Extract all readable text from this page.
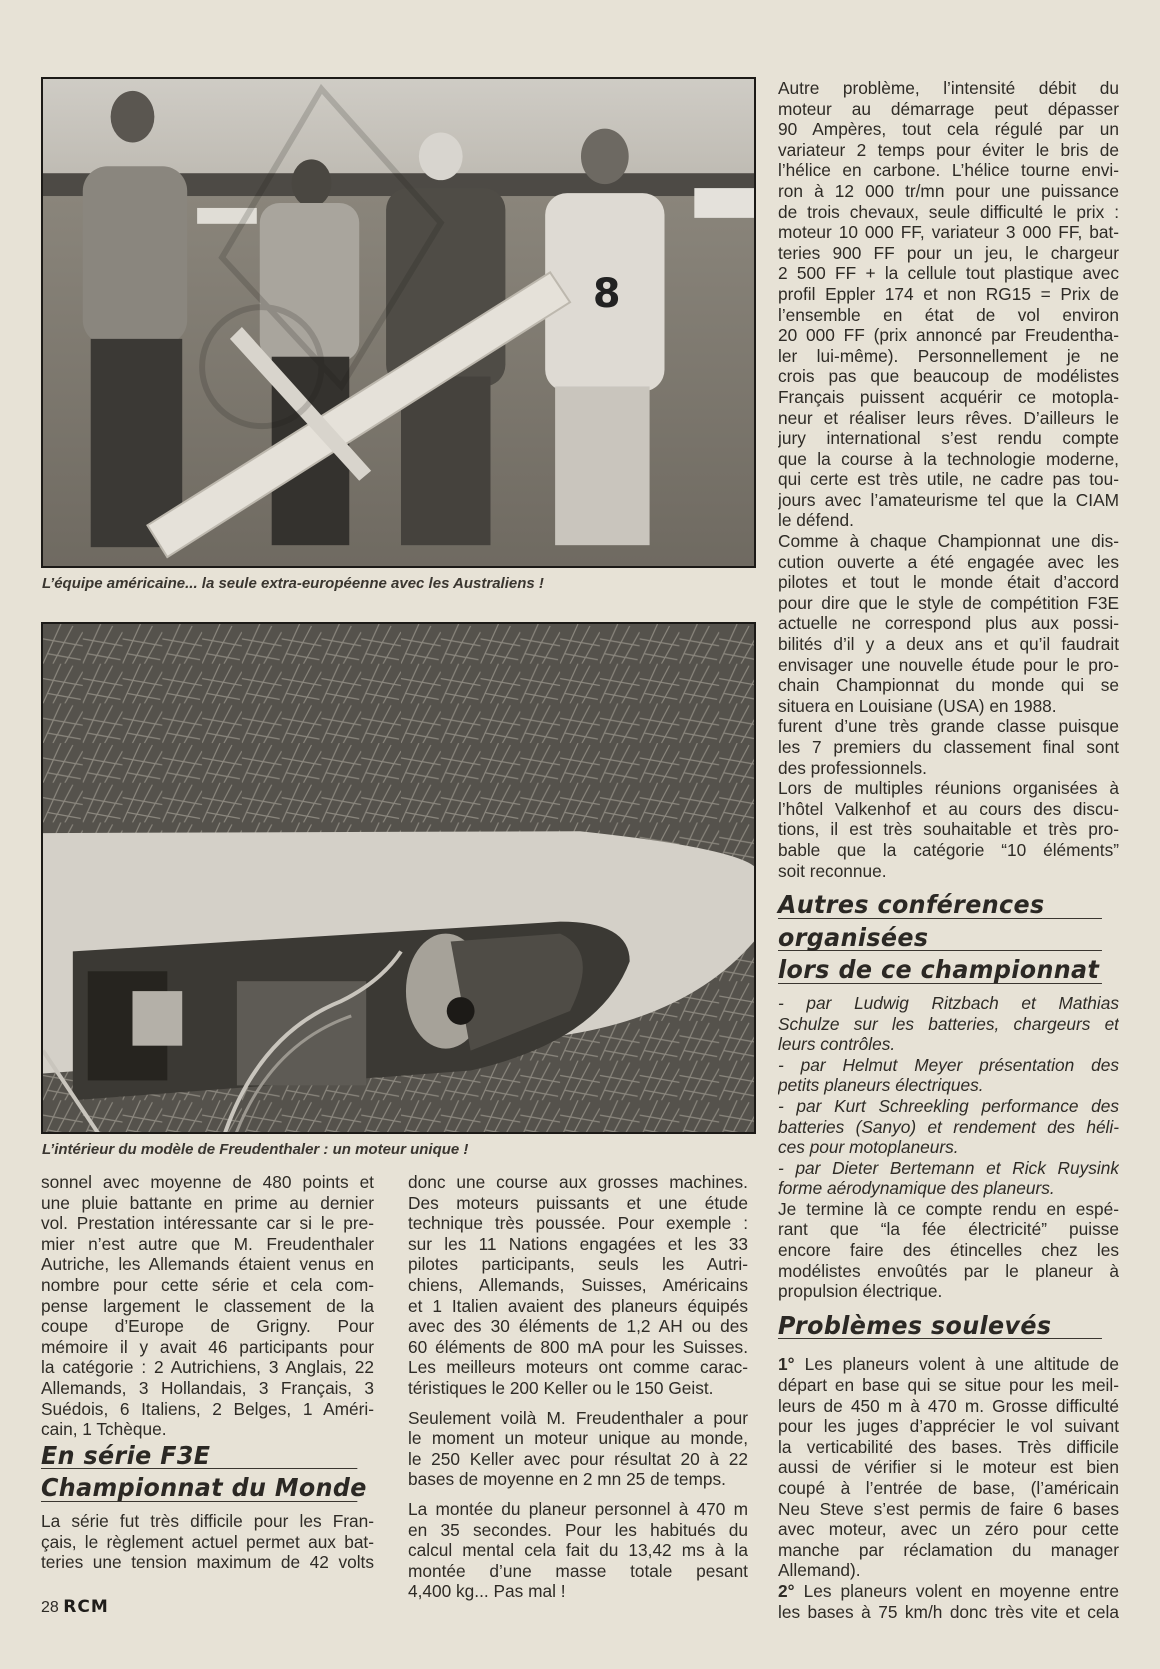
8
L’équipe américaine... la seule extra-européenne avec les Australiens !
L’intérieur du modèle de Freudenthaler : un moteur unique !
sonnel avec moyenne de 480 points et
une pluie battante en prime au dernier
vol. Prestation intéressante car si le pre-
mier n’est autre que M. Freudenthaler
Autriche, les Allemands étaient venus en
nombre pour cette série et cela com-
pense largement le classement de la
coupe d’Europe de Grigny. Pour
mémoire il y avait 46 participants pour
la catégorie : 2 Autrichiens, 3 Anglais, 22
Allemands, 3 Hollandais, 3 Français, 3
Suédois, 6 Italiens, 2 Belges, 1 Améri-
cain, 1 Tchèque.
En série F3E
Championnat du Monde
La série fut très difficile pour les Fran-
çais, le règlement actuel permet aux bat-
teries une tension maximum de 42 volts
donc une course aux grosses machines.
Des moteurs puissants et une étude
technique très poussée. Pour exemple :
sur les 11 Nations engagées et les 33
pilotes participants, seuls les Autri-
chiens, Allemands, Suisses, Américains
et 1 Italien avaient des planeurs équipés
avec des 30 éléments de 1,2 AH ou des
60 éléments de 800 mA pour les Suisses.
Les meilleurs moteurs ont comme carac-
téristiques le 200 Keller ou le 150 Geist.
Seulement voilà M. Freudenthaler a pour
le moment un moteur unique au monde,
le 250 Keller avec pour résultat 20 à 22
bases de moyenne en 2 mn 25 de temps.
La montée du planeur personnel à 470 m
en 35 secondes. Pour les habitués du
calcul mental cela fait du 13,42 ms à la
montée d’une masse totale pesant
4,400 kg... Pas mal !
Autre problème, l’intensité débit du
moteur au démarrage peut dépasser
90 Ampères, tout cela régulé par un
variateur 2 temps pour éviter le bris de
l’hélice en carbone. L’hélice tourne envi-
ron à 12 000 tr/mn pour une puissance
de trois chevaux, seule difficulté le prix :
moteur 10 000 FF, variateur 3 000 FF, bat-
teries 900 FF pour un jeu, le chargeur
2 500 FF + la cellule tout plastique avec
profil Eppler 174 et non RG15 = Prix de
l’ensemble en état de vol environ
20 000 FF (prix annoncé par Freudentha-
ler lui-même). Personnellement je ne
crois pas que beaucoup de modélistes
Français puissent acquérir ce motopla-
neur et réaliser leurs rêves. D’ailleurs le
jury international s’est rendu compte
que la course à la technologie moderne,
qui certe est très utile, ne cadre pas tou-
jours avec l’amateurisme tel que la CIAM
le défend.
Comme à chaque Championnat une dis-
cution ouverte a été engagée avec les
pilotes et tout le monde était d’accord
pour dire que le style de compétition F3E
actuelle ne correspond plus aux possi-
bilités d’il y a deux ans et qu’il faudrait
envisager une nouvelle étude pour le pro-
chain Championnat du monde qui se
situera en Louisiane (USA) en 1988.
furent d’une très grande classe puisque
les 7 premiers du classement final sont
des professionnels.
Lors de multiples réunions organisées à
l’hôtel Valkenhof et au cours des discu-
tions, il est très souhaitable et très pro-
bable que la catégorie “10 éléments”
soit reconnue.
Autres conférences
organisées
lors de ce championnat
- par Ludwig Ritzbach et Mathias
Schulze sur les batteries, chargeurs et
leurs contrôles.
- par Helmut Meyer présentation des
petits planeurs électriques.
- par Kurt Schreekling performance des
batteries (Sanyo) et rendement des héli-
ces pour motoplaneurs.
- par Dieter Bertemann et Rick Ruysink
forme aérodynamique des planeurs.
Je termine là ce compte rendu en espé-
rant que “la fée électricité” puisse
encore faire des étincelles chez les
modélistes envoûtés par le planeur à
propulsion électrique.
Problèmes soulevés
1° Les planeurs volent à une altitude de
départ en base qui se situe pour les meil-
leurs de 450 m à 470 m. Grosse difficulté
pour les juges d’apprécier le vol suivant
la verticabilité des bases. Très difficile
aussi de vérifier si le moteur est bien
coupé à l’entrée de base, (l’américain
Neu Steve s’est permis de faire 6 bases
avec moteur, avec un zéro pour cette
manche par réclamation du manager
Allemand).
2° Les planeurs volent en moyenne entre
les bases à 75 km/h donc très vite et cela
28 RCM
